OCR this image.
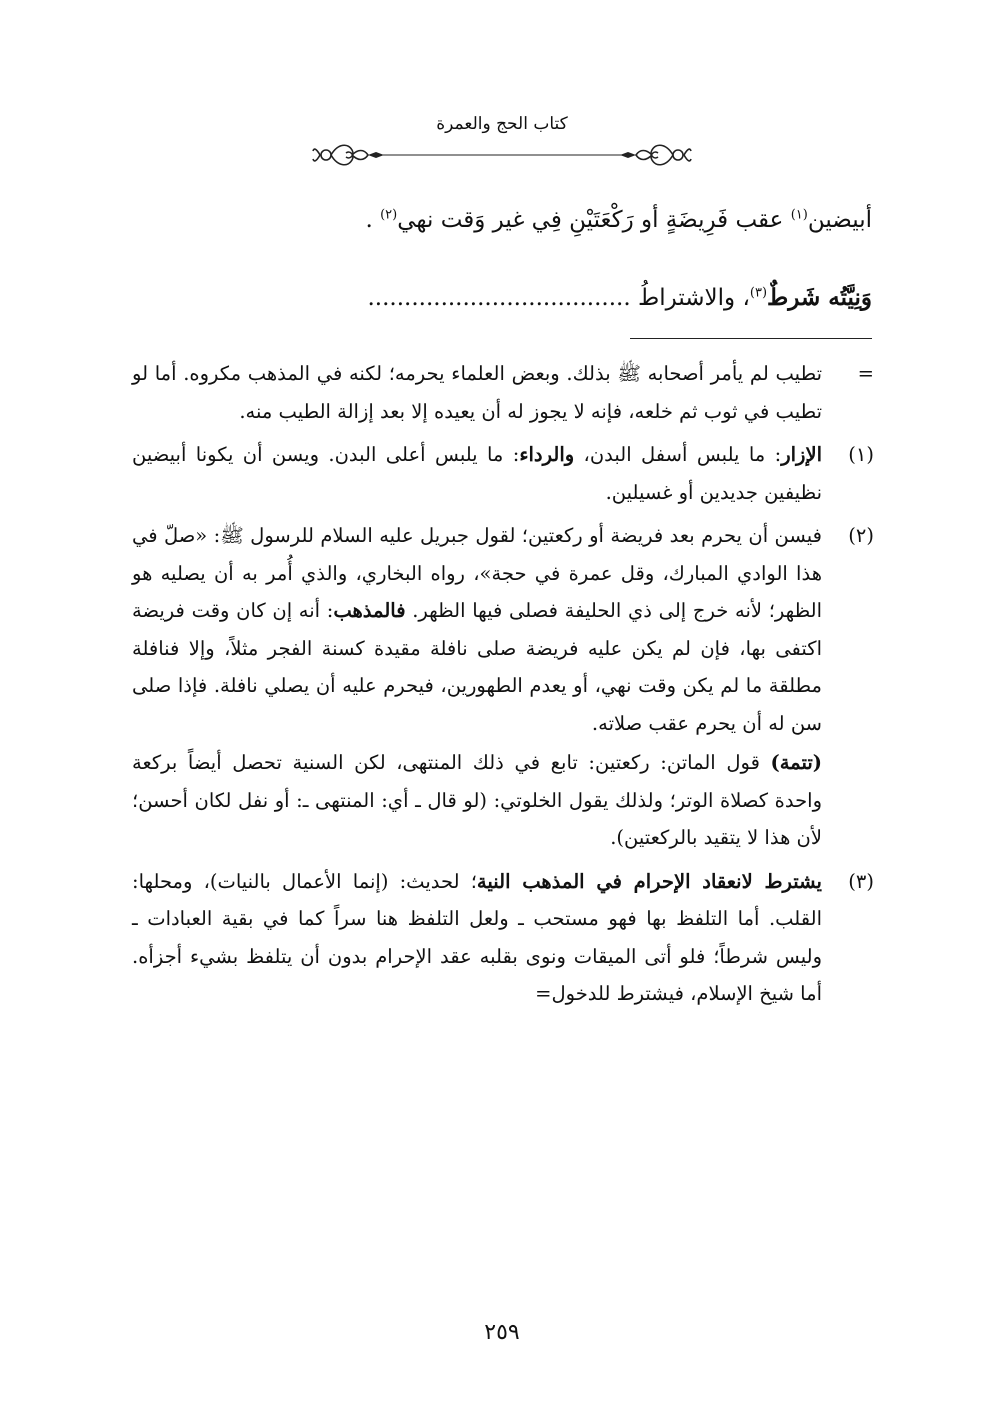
كتاب الحج والعمرة
أبيضين$^{(١)}$ عقب فَرِيضَةٍ أو رَكْعَتَيْنِ فِي غير وَقت نهي$^{(٢)}$ .
وَنِيَّتُه شَرطٌ$^{(٣)}$، والاشتراطُ ....................................
=

تطيب لم يأمر أصحابه ﷺ بذلك. وبعض العلماء يحرمه؛ لكنه في المذهب مكروه. أما لو تطيب في ثوب ثم خلعه، فإنه لا يجوز له أن يعيده إلا بعد إزالة الطيب منه.

(١)

الإزار: ما يلبس أسفل البدن، والرداء: ما يلبس أعلى البدن. ويسن أن يكونا أبيضين نظيفين جديدين أو غسيلين.

(٢)

فيسن أن يحرم بعد فريضة أو ركعتين؛ لقول جبريل عليه السلام للرسول ﷺ: «صلّ في هذا الوادي المبارك، وقل عمرة في حجة»، رواه البخاري، والذي أُمر به أن يصليه هو الظهر؛ لأنه خرج إلى ذي الحليفة فصلى فيها الظهر. فالمذهب: أنه إن كان وقت فريضة اكتفى بها، فإن لم يكن عليه فريضة صلى نافلة مقيدة كسنة الفجر مثلاً، وإلا فنافلة مطلقة ما لم يكن وقت نهي، أو يعدم الطهورين، فيحرم عليه أن يصلي نافلة. فإذا صلى سن له أن يحرم عقب صلاته.

(تتمة) قول الماتن: ركعتين: تابع في ذلك المنتهى، لكن السنية تحصل أيضاً بركعة واحدة كصلاة الوتر؛ ولذلك يقول الخلوتي: (لو قال ـ أي: المنتهى ـ: أو نفل لكان أحسن؛ لأن هذا لا يتقيد بالركعتين).

(٣)

يشترط لانعقاد الإحرام في المذهب النية؛ لحديث: (إنما الأعمال بالنيات)، ومحلها: القلب. أما التلفظ بها فهو مستحب ـ ولعل التلفظ هنا سراً كما في بقية العبادات ـ وليس شرطاً؛ فلو أتى الميقات ونوى بقلبه عقد الإحرام بدون أن يتلفظ بشيء أجزأه. أما شيخ الإسلام، فيشترط للدخول=

٢٥٩
